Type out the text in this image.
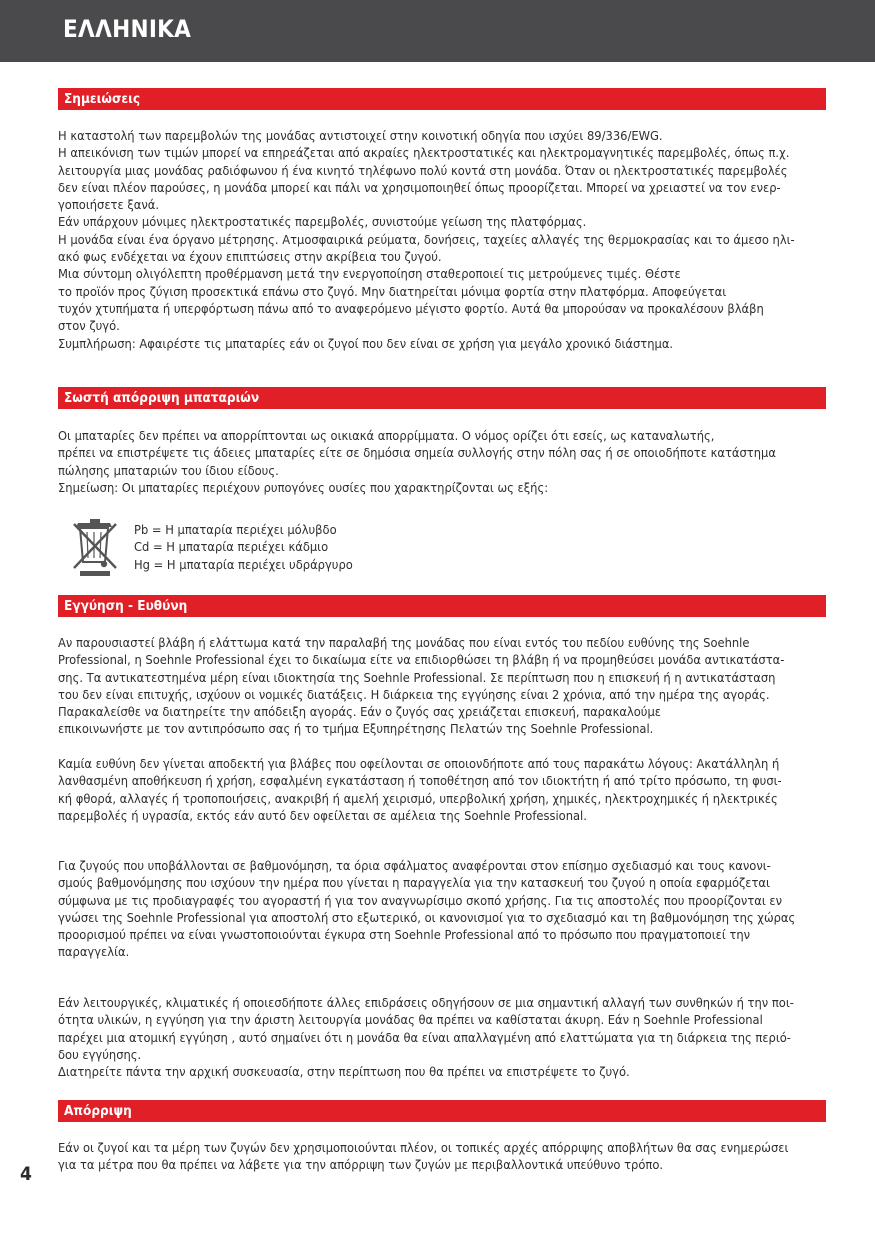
ΕΛΛΗΝΙΚΑ
Σημειώσεις

Η καταστολή των παρεμβολών της μονάδας αντιστοιχεί στην κοινοτική οδηγία που ισχύει 89/336/EWG.

Η απεικόνιση των τιμών μπορεί να επηρεάζεται από ακραίες ηλεκτροστατικές και ηλεκτρομαγνητικές παρεμβολές, όπως π.χ.

λειτουργία μιας μονάδας ραδιόφωνου ή ένα κινητό τηλέφωνο πολύ κοντά στη μονάδα. Όταν οι ηλεκτροστατικές παρεμβολές

δεν είναι πλέον παρούσες, η μονάδα μπορεί και πάλι να χρησιμοποιηθεί όπως προορίζεται. Μπορεί να χρειαστεί να τον ενερ-

γοποιήσετε ξανά.

Εάν υπάρχουν μόνιμες ηλεκτροστατικές παρεμβολές, συνιστούμε γείωση της πλατφόρμας.

Η μονάδα είναι ένα όργανο μέτρησης. Ατμοσφαιρικά ρεύματα, δονήσεις, ταχείες αλλαγές της θερμοκρασίας και το άμεσο ηλι-

ακό φως ενδέχεται να έχουν επιπτώσεις στην ακρίβεια του ζυγού.

Μια σύντομη ολιγόλεπτη προθέρμανση μετά την ενεργοποίηση σταθεροποιεί τις μετρούμενες τιμές. Θέστε

το προϊόν προς ζύγιση προσεκτικά επάνω στο ζυγό. Μην διατηρείται μόνιμα φορτία στην πλατφόρμα. Αποφεύγεται

τυχόν χτυπήματα ή υπερφόρτωση πάνω από το αναφερόμενο μέγιστο φορτίο. Αυτά θα μπορούσαν να προκαλέσουν βλάβη

στον ζυγό.

Συμπλήρωση: Αφαιρέστε τις μπαταρίες εάν οι ζυγοί που δεν είναι σε χρήση για μεγάλο χρονικό διάστημα.

Σωστή απόρριψη μπαταριών

Οι μπαταρίες δεν πρέπει να απορρίπτονται ως οικιακά απορρίμματα. Ο νόμος ορίζει ότι εσείς, ως καταναλωτής,

πρέπει να επιστρέψετε τις άδειες μπαταρίες είτε σε δημόσια σημεία συλλογής στην πόλη σας ή σε οποιοδήποτε κατάστημα

πώλησης μπαταριών του ίδιου είδους.

Σημείωση: Οι μπαταρίες περιέχουν ρυπογόνες ουσίες που χαρακτηρίζονται ως εξής:

Pb = Η μπαταρία περιέχει μόλυβδο

Cd = Η μπαταρία περιέχει κάδμιο

Hg = Η μπαταρία περιέχει υδράργυρο

Εγγύηση - Ευθύνη

Αν παρουσιαστεί βλάβη ή ελάττωμα κατά την παραλαβή της μονάδας που είναι εντός του πεδίου ευθύνης της Soehnle

Professional, η Soehnle Professional έχει το δικαίωμα είτε να επιδιορθώσει τη βλάβη ή να προμηθεύσει μονάδα αντικατάστα-

σης. Τα αντικατεστημένα μέρη είναι ιδιοκτησία της Soehnle Professional. Σε περίπτωση που η επισκευή ή η αντικατάσταση

του δεν είναι επιτυχής, ισχύουν οι νομικές διατάξεις. Η διάρκεια της εγγύησης είναι 2 χρόνια, από την ημέρα της αγοράς.

Παρακαλείσθε να διατηρείτε την απόδειξη αγοράς. Εάν ο ζυγός σας χρειάζεται επισκευή, παρακαλούμε

επικοινωνήστε με τον αντιπρόσωπο σας ή το τμήμα Εξυπηρέτησης Πελατών της Soehnle Professional.

Καμία ευθύνη δεν γίνεται αποδεκτή για βλάβες που οφείλονται σε οποιονδήποτε από τους παρακάτω λόγους: Ακατάλληλη ή

λανθασμένη αποθήκευση ή χρήση, εσφαλμένη εγκατάσταση ή τοποθέτηση από τον ιδιοκτήτη ή από τρίτο πρόσωπο, τη φυσι-

κή φθορά, αλλαγές ή τροποποιήσεις, ανακριβή ή αμελή χειρισμό, υπερβολική χρήση, χημικές, ηλεκτροχημικές ή ηλεκτρικές

παρεμβολές ή υγρασία, εκτός εάν αυτό δεν οφείλεται σε αμέλεια της Soehnle Professional.

Για ζυγούς που υποβάλλονται σε βαθμονόμηση, τα όρια σφάλματος αναφέρονται στον επίσημο σχεδιασμό και τους κανονι-

σμούς βαθμονόμησης που ισχύουν την ημέρα που γίνεται η παραγγελία για την κατασκευή του ζυγού η οποία εφαρμόζεται

σύμφωνα με τις προδιαγραφές του αγοραστή ή για τον αναγνωρίσιμο σκοπό χρήσης. Για τις αποστολές που προορίζονται εν

γνώσει της Soehnle Professional για αποστολή στο εξωτερικό, οι κανονισμοί για το σχεδιασμό και τη βαθμονόμηση της χώρας

προορισμού πρέπει να είναι γνωστοποιούνται έγκυρα στη Soehnle Professional από το πρόσωπο που πραγματοποιεί την

παραγγελία.

Εάν λειτουργικές, κλιματικές ή οποιεσδήποτε άλλες επιδράσεις οδηγήσουν σε μια σημαντική αλλαγή των συνθηκών ή την ποι-

ότητα υλικών, η εγγύηση για την άριστη λειτουργία μονάδας θα πρέπει να καθίσταται άκυρη. Εάν η Soehnle Professional

παρέχει μια ατομική εγγύηση , αυτό σημαίνει ότι η μονάδα θα είναι απαλλαγμένη από ελαττώματα για τη διάρκεια της περιό-

δου εγγύησης.

Διατηρείτε πάντα την αρχική συσκευασία, στην περίπτωση που θα πρέπει να επιστρέψετε το ζυγό.

Απόρριψη

Εάν οι ζυγοί και τα μέρη των ζυγών δεν χρησιμοποιούνται πλέον, οι τοπικές αρχές απόρριψης αποβλήτων θα σας ενημερώσει

για τα μέτρα που θα πρέπει να λάβετε για την απόρριψη των ζυγών με περιβαλλοντικά υπεύθυνο τρόπο.

4
